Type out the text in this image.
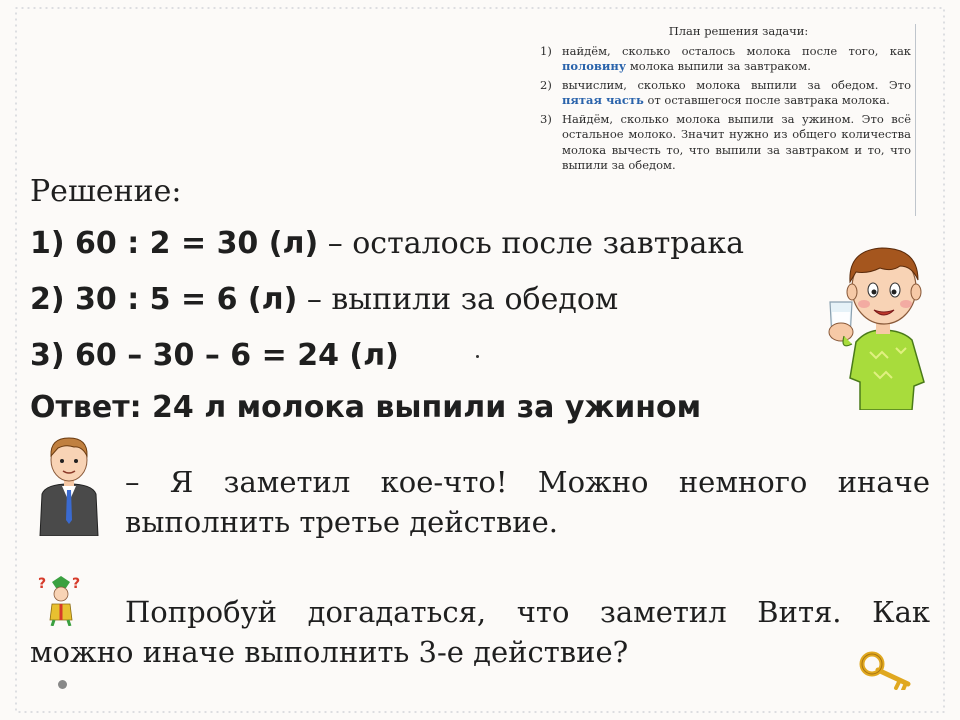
План решения задачи:
1) найдём, сколько осталось молока после того, как половину молока выпили за завтраком.
2) вычислим, сколько молока выпили за обедом. Это пятая часть от оставшегося после завтрака молока.
3) Найдём, сколько молока выпили за ужином. Это всё остальное молоко. Значит нужно из общего количества молока вычесть то, что выпили за завтраком и то, что выпили за обедом.
Решение:
1) 60 : 2 = 30 (л) – осталось после завтрака
2) 30 : 5 = 6 (л) – выпили за обедом
3) 60 – 30 – 6 = 24 (л)
Ответ: 24 л молока выпили за ужином
– Я заметил кое-что! Можно немного иначе выполнить третье действие.
Попробуй догадаться, что заметил Витя. Как можно иначе выполнить 3-е действие?
? ?
